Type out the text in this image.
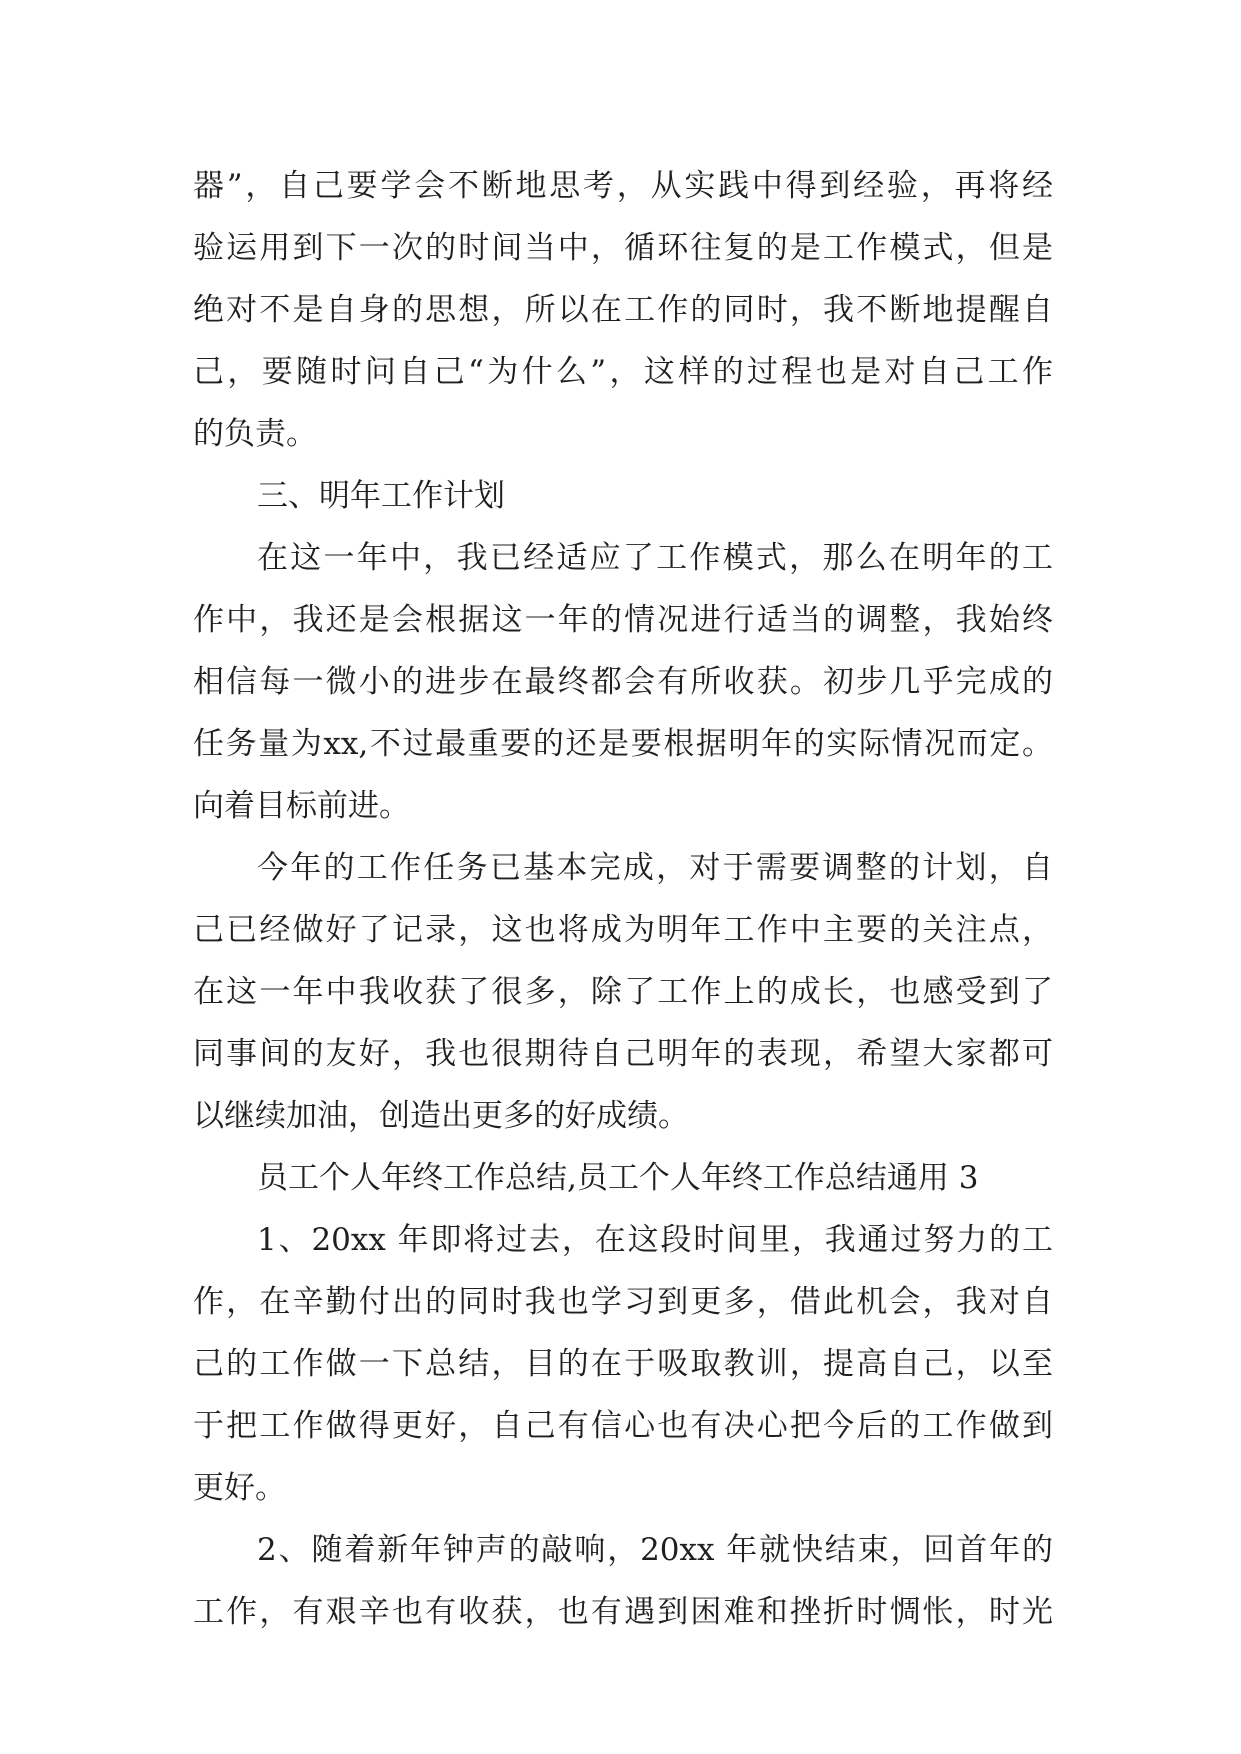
器”，自己要学会不断地思考，从实践中得到经验，再将经
验运用到下一次的时间当中，循环往复的是工作模式，但是
绝对不是自身的思想，所以在工作的同时，我不断地提醒自
己，要随时问自己“为什么”，这样的过程也是对自己工作
的负责。
三、明年工作计划
在这一年中，我已经适应了工作模式，那么在明年的工
作中，我还是会根据这一年的情况进行适当的调整，我始终
相信每一微小的进步在最终都会有所收获。初步几乎完成的
任务量为xx,不过最重要的还是要根据明年的实际情况而定。
向着目标前进。
今年的工作任务已基本完成，对于需要调整的计划，自
己已经做好了记录，这也将成为明年工作中主要的关注点，
在这一年中我收获了很多，除了工作上的成长，也感受到了
同事间的友好，我也很期待自己明年的表现，希望大家都可
以继续加油，创造出更多的好成绩。
员工个人年终工作总结,员工个人年终工作总结通用 3
1、20xx 年即将过去，在这段时间里，我通过努力的工
作，在辛勤付出的同时我也学习到更多，借此机会，我对自
己的工作做一下总结，目的在于吸取教训，提高自己，以至
于把工作做得更好，自己有信心也有决心把今后的工作做到
更好。
2、随着新年钟声的敲响，20xx 年就快结束，回首年的
工作，有艰辛也有收获，也有遇到困难和挫折时惆怅，时光
